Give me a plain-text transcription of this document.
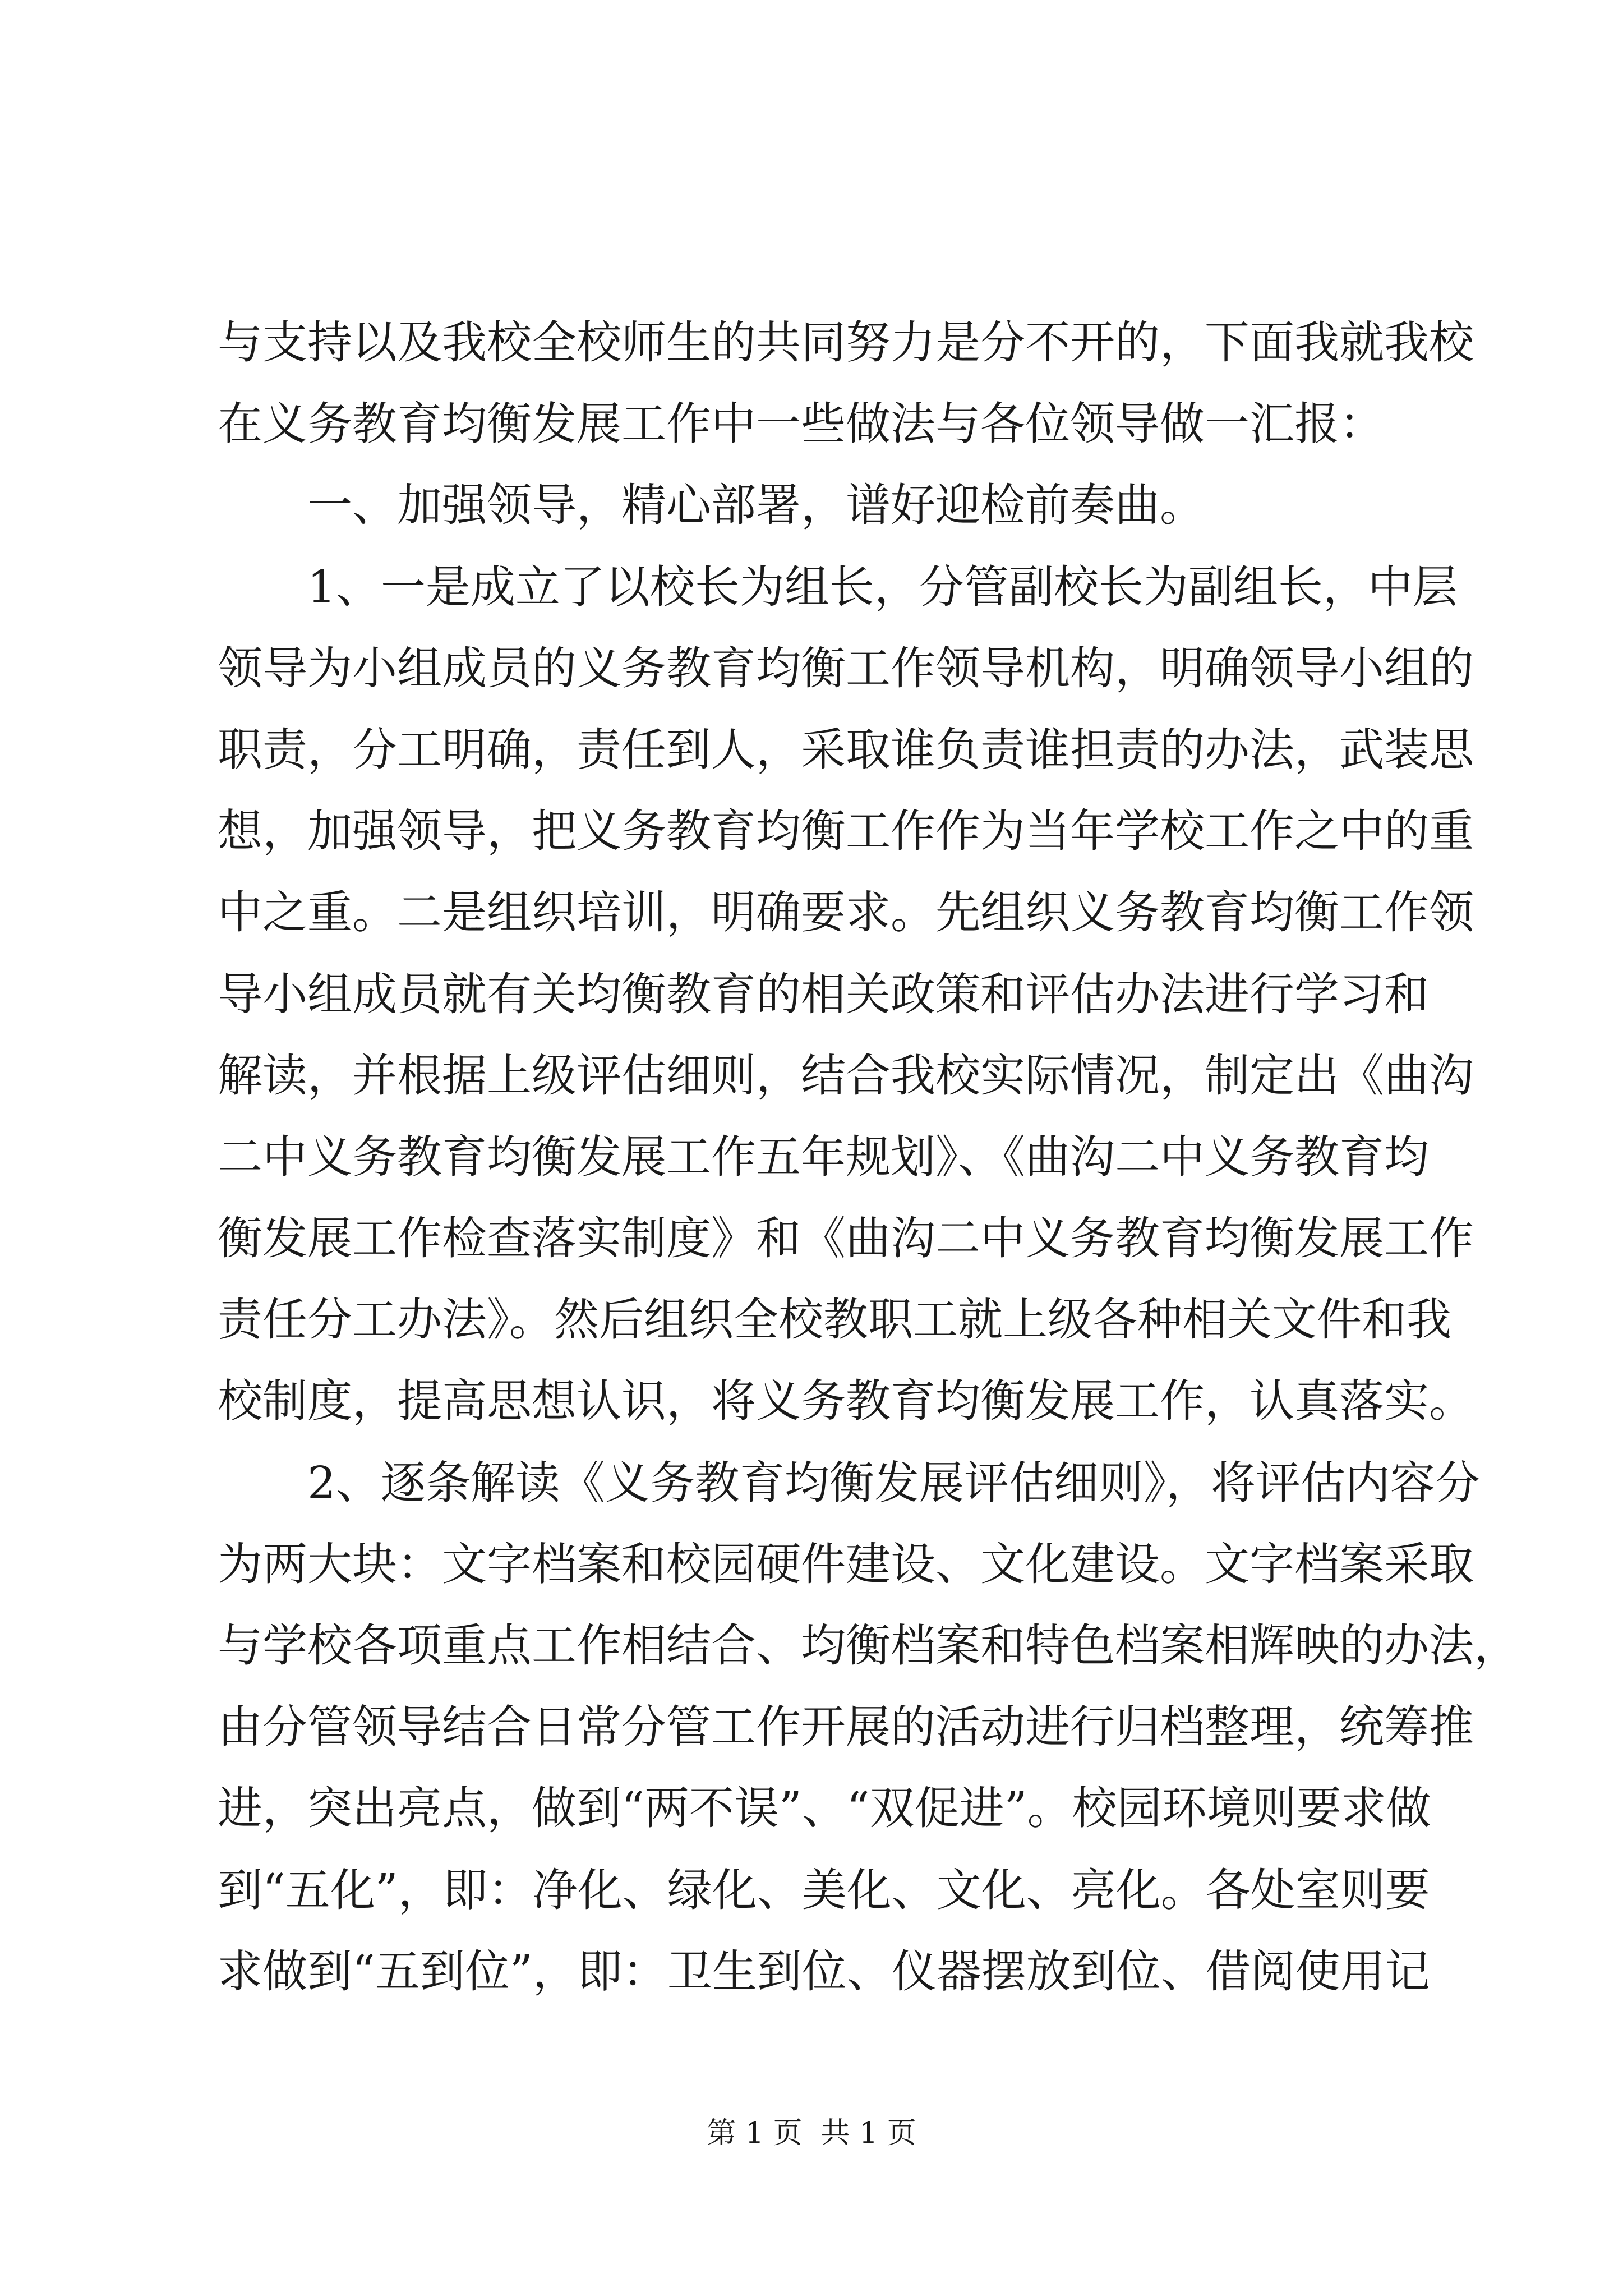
与支持以及我校全校师生的共同努力是分不开的，下面我就我校
在义务教育均衡发展工作中一些做法与各位领导做一汇报：
一、加强领导，精心部署，谱好迎检前奏曲。
1、一是成立了以校长为组长，分管副校长为副组长，中层
领导为小组成员的义务教育均衡工作领导机构，明确领导小组的
职责，分工明确，责任到人，采取谁负责谁担责的办法，武装思
想，加强领导，把义务教育均衡工作作为当年学校工作之中的重
中之重。二是组织培训，明确要求。先组织义务教育均衡工作领
导小组成员就有关均衡教育的相关政策和评估办法进行学习和
解读，并根据上级评估细则，结合我校实际情况，制定出《曲沟
二中义务教育均衡发展工作五年规划》、《曲沟二中义务教育均
衡发展工作检查落实制度》和《曲沟二中义务教育均衡发展工作
责任分工办法》。然后组织全校教职工就上级各种相关文件和我
校制度，提高思想认识，将义务教育均衡发展工作，认真落实。
2、逐条解读《义务教育均衡发展评估细则》，将评估内容分
为两大块：文字档案和校园硬件建设、文化建设。文字档案采取
与学校各项重点工作相结合、均衡档案和特色档案相辉映的办法，
由分管领导结合日常分管工作开展的活动进行归档整理，统筹推
进，突出亮点，做到“两不误”、“双促进”。校园环境则要求做
到“五化”，即：净化、绿化、美化、文化、亮化。各处室则要
求做到“五到位”，即：卫生到位、仪器摆放到位、借阅使用记
第 1 页  共 1 页
